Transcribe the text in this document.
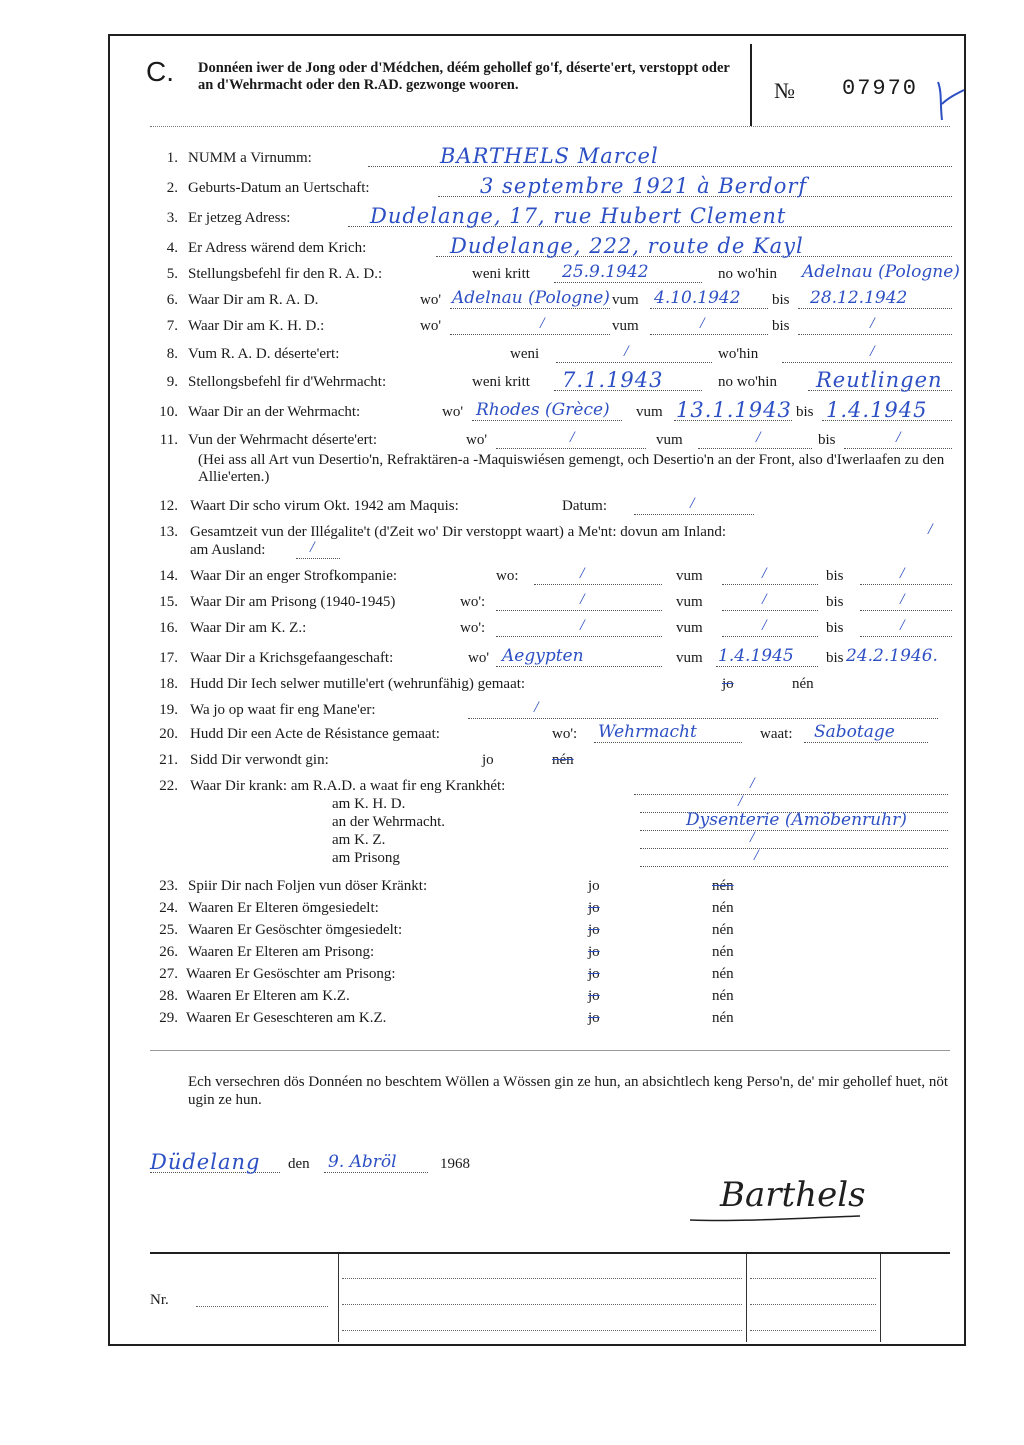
C. Donnéen iwer de Jong oder d'Médchen, déém gehollef go'f, déserte'ert, verstoppt oder an d'Wehrmacht oder den R.AD. gezwonge wooren.	№ 07970
1. NUMM a Virnumm:	BARTHELS Marcel
2. Geburts-Datum an Uertschaft:	3 septembre 1921 à Berdorf
3. Er jetzeg Adress:	Dudelange, 17, rue Hubert Clement
4. Er Adress wärend dem Krich:	Dudelange, 222, route de Kayl
5. Stellungsbefehl fir den R. A. D.:	weni kritt 25.9.1942	no wo'hin Adelnau (Pologne)
6. Waar Dir am R. A. D.	wo' Adelnau (Pologne) vum 4.10.1942 bis 28.12.1942
7. Waar Dir am K. H. D.:	wo'	/	vum	/	bis	/
8. Vum R. A. D. déserte'ert:	weni	/	wo'hin	/
9. Stellongsbefehl fir d'Wehrmacht:	weni kritt 7.1.1943	no wo'hin Reutlingen
10. Waar Dir an der Wehrmacht:	wo' Rhodes (Grèce) vum 13.1.1943 bis 1.4.1945
11. Vun der Wehrmacht déserte'ert:	wo'	/	vum	/	bis	/
(Hei ass all Art vun Desertio'n, Refraktären-a -Maquiswiésen gemengt, och Desertio'n an der Front, also d'Iwerlaafen zu den Allie'erten.)
12. Waart Dir scho virum Okt. 1942 am Maquis:	Datum:	/
13. Gesamtzeit vun der Illégalite't (d'Zeit wo' Dir verstoppt waart) a Me'nt: dovun am Inland:	/
am Ausland:	/
14. Waar Dir an enger Strofkompanie:	wo:	/	vum	/	bis	/
15. Waar Dir am Prisong (1940-1945)	wo':	/	vum	/	bis	/
16. Waar Dir am K. Z.:	wo':	/	vum	/	bis	/
17. Waar Dir a Krichsgefaangeschaft:	wo' Aegypten	vum 1.4.1945 bis 24.2.1946.
18. Hudd Dir Iech selwer mutille'ert (wehrunfähig) gemaat:	jo	nén
19. Wa jo op waat fir eng Mane'er:	/
20. Hudd Dir een Acte de Résistance gemaat:	wo': Wehrmacht	waat: Sabotage
21. Sidd Dir verwondt gin:	jo	nén
22. Waar Dir krank: am R.A.D. a waat fir eng Krankhét:	/
am K. H. D.	/
an der Wehrmacht.	Dysenterie (Amöbenruhr)
am K. Z.	/
am Prisong	/
23. Spiir Dir nach Foljen vun döser Kränkt:	jo	nén
24. Waaren Er Elteren ömgesiedelt:	jo	nén
25. Waaren Er Gesöschter ömgesiedelt:	jo	nén
26. Waaren Er Elteren am Prisong:	jo	nén
27. Waaren Er Gesöschter am Prisong:	jo	nén
28. Waaren Er Elteren am K.Z.	jo	nén
29. Waaren Er Geseschteren am K.Z.	jo	nén
Ech versechren dös Donnéen no beschtem Wöllen a Wössen gin ze hun, an absichtlech keng Perso'n, de' mir gehollef huet, nöt ugin ze hun.
Düdelang den 9. Abröl	1968
Barthels
Nr.
